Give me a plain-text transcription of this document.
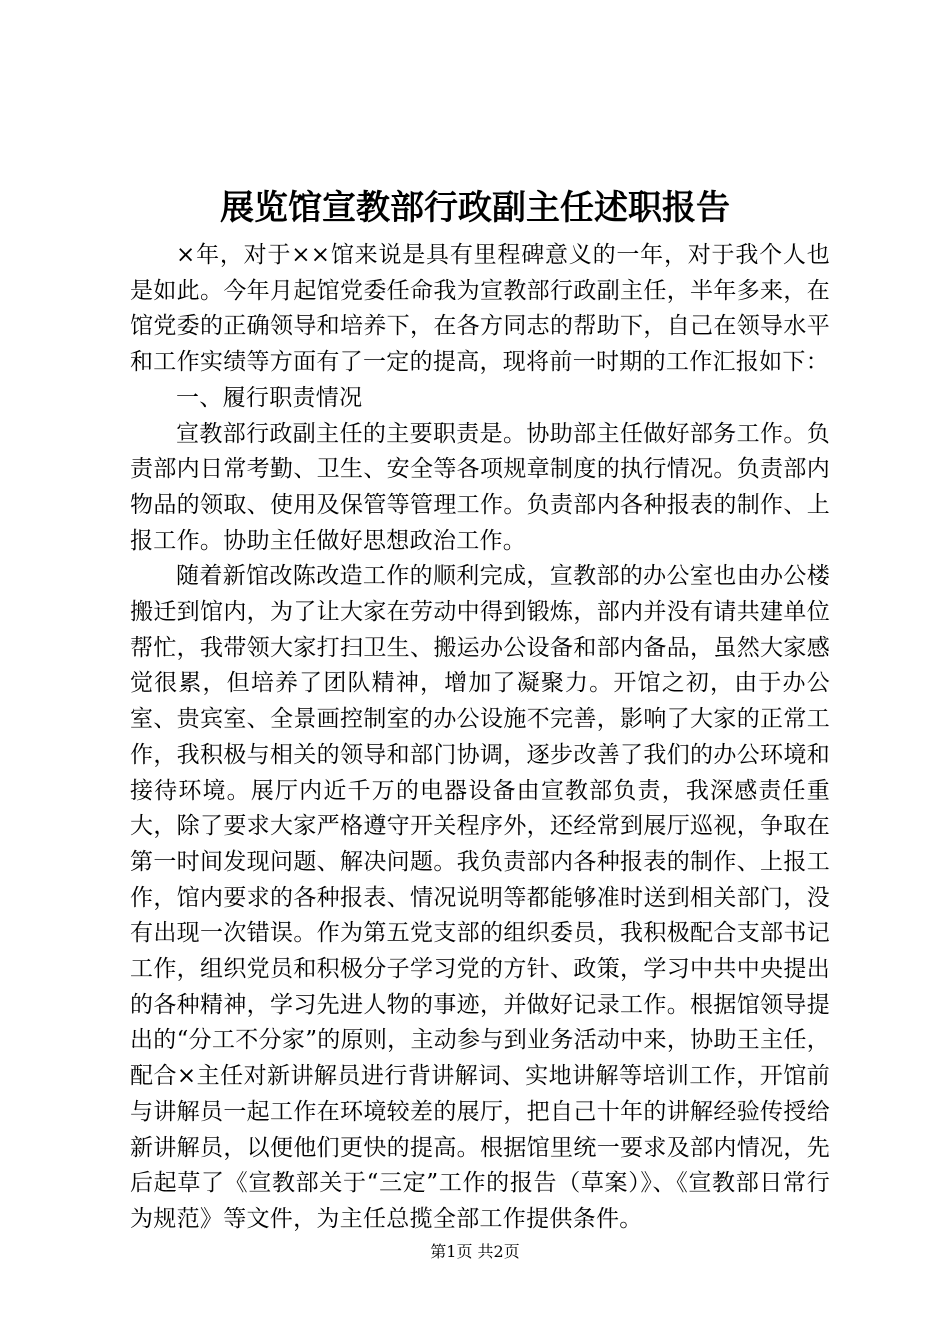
展览馆宣教部行政副主任述职报告

×年，对于××馆来说是具有里程碑意义的一年，对于我个人也是如此。今年月起馆党委任命我为宣教部行政副主任，半年多来，在馆党委的正确领导和培养下，在各方同志的帮助下，自己在领导水平和工作实绩等方面有了一定的提高，现将前一时期的工作汇报如下：

一、履行职责情况

宣教部行政副主任的主要职责是。协助部主任做好部务工作。负责部内日常考勤、卫生、安全等各项规章制度的执行情况。负责部内物品的领取、使用及保管等管理工作。负责部内各种报表的制作、上报工作。协助主任做好思想政治工作。

随着新馆改陈改造工作的顺利完成，宣教部的办公室也由办公楼搬迁到馆内，为了让大家在劳动中得到锻炼，部内并没有请共建单位帮忙，我带领大家打扫卫生、搬运办公设备和部内备品，虽然大家感觉很累，但培养了团队精神，增加了凝聚力。开馆之初，由于办公室、贵宾室、全景画控制室的办公设施不完善，影响了大家的正常工作，我积极与相关的领导和部门协调，逐步改善了我们的办公环境和接待环境。展厅内近千万的电器设备由宣教部负责，我深感责任重大，除了要求大家严格遵守开关程序外，还经常到展厅巡视，争取在第一时间发现问题、解决问题。我负责部内各种报表的制作、上报工作，馆内要求的各种报表、情况说明等都能够准时送到相关部门，没有出现一次错误。作为第五党支部的组织委员，我积极配合支部书记工作，组织党员和积极分子学习党的方针、政策，学习中共中央提出的各种精神，学习先进人物的事迹，并做好记录工作。根据馆领导提出的“分工不分家”的原则，主动参与到业务活动中来，协助王主任，配合×主任对新讲解员进行背讲解词、实地讲解等培训工作，开馆前与讲解员一起工作在环境较差的展厅，把自己十年的讲解经验传授给新讲解员，以便他们更快的提高。根据馆里统一要求及部内情况，先后起草了《宣教部关于“三定”工作的报告（草案）》、《宣教部日常行为规范》等文件，为主任总揽全部工作提供条件。

第1页 共2页
